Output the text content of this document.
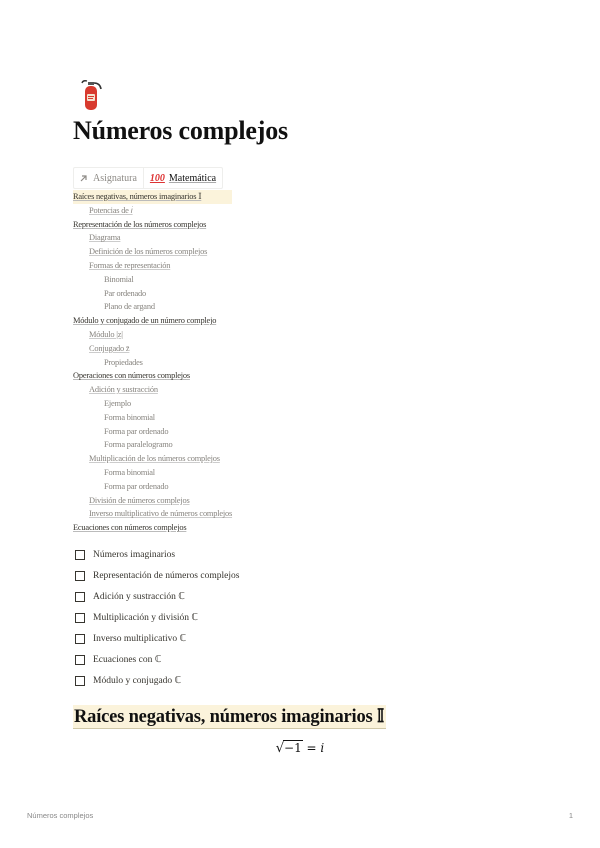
Números complejos
Asignatura 100 Matemática
Raíces negativas, números imaginarios 𝕀
Potencias de 𝑖
Representación de los números complejos
Diagrama
Definición de los números complejos
Formas de representación
Binomial
Par ordenado
Plano de argand
Módulo y conjugado de un número complejo
Módulo |z|
Conjugado z̄
Propiedades
Operaciones con números complejos
Adición y sustracción
Ejemplo
Forma binomial
Forma par ordenado
Forma paralelogramo
Multiplicación de los números complejos
Forma binomial
Forma par ordenado
División de números complejos
Inverso multiplicativo de números complejos
Ecuaciones con números complejos
Números imaginarios
Representación de números complejos
Adición y sustracción ℂ
Multiplicación y división ℂ
Inverso multiplicativo ℂ
Ecuaciones con ℂ
Módulo y conjugado ℂ
Raíces negativas, números imaginarios 𝕀
√−1 = 𝑖
Números complejos	1
